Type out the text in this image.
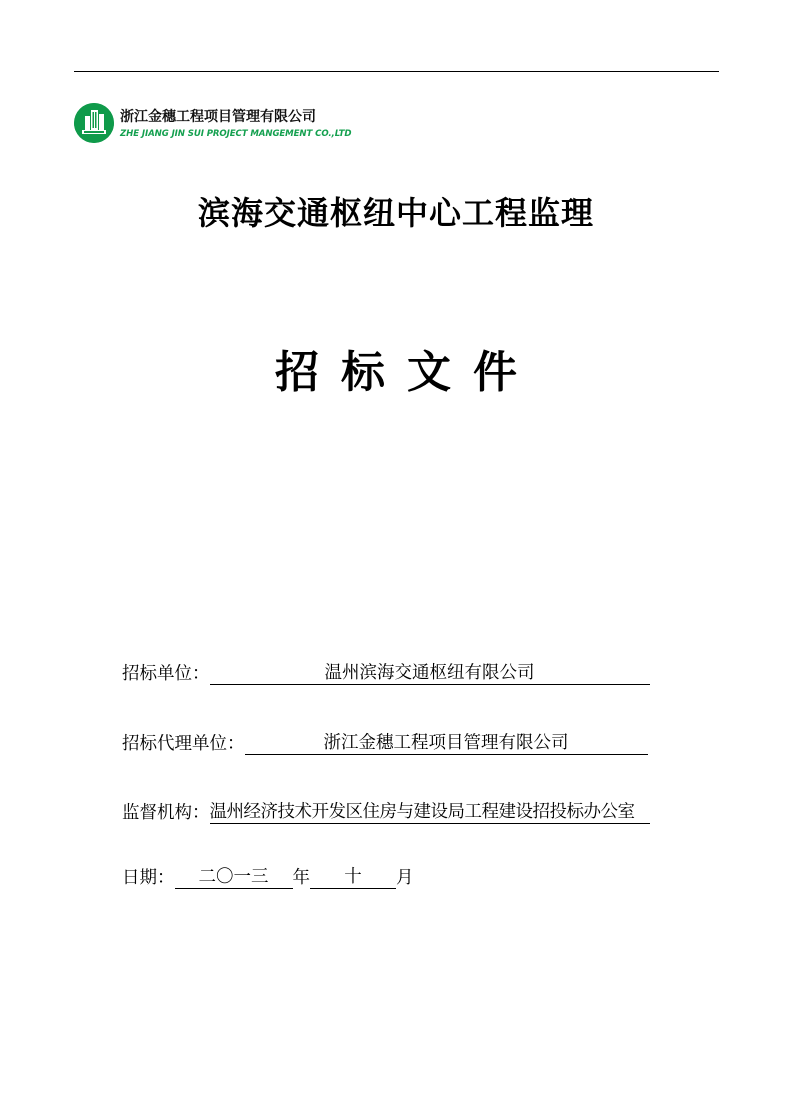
浙江金穗工程项目管理有限公司
ZHE JIANG JIN SUI PROJECT MANGEMENT CO.,LTD
滨海交通枢纽中心工程监理
招标文件
招标单位：	温州滨海交通枢纽有限公司
招标代理单位：	浙江金穗工程项目管理有限公司
监督机构： 温州经济技术开发区住房与建设局工程建设招投标办公室
日期：	二〇一三	年	十	月
